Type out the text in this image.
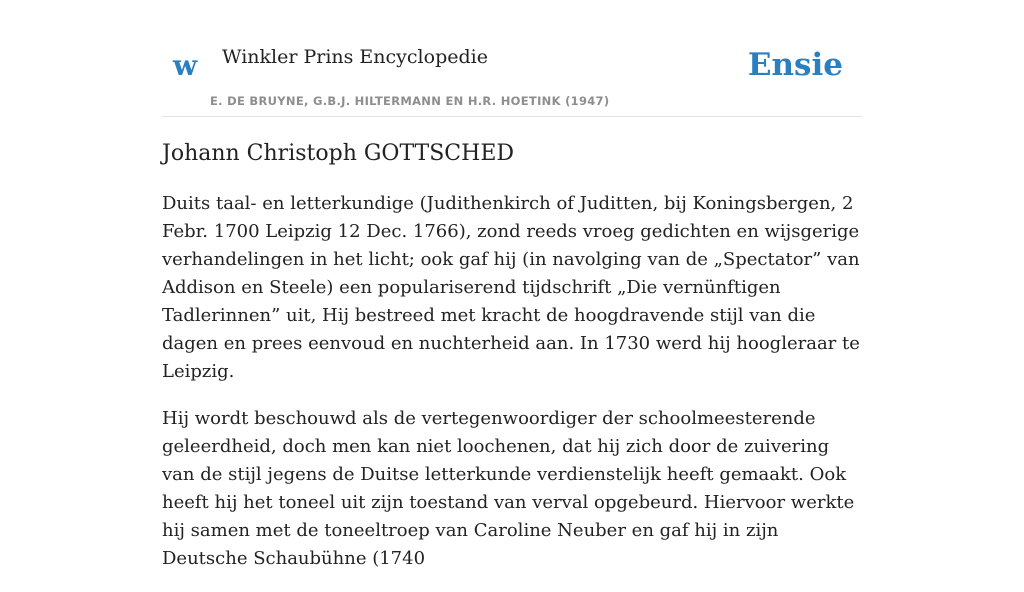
w Winkler Prins Encyclopedie
E. DE BRUYNE, G.B.J. HILTERMANN EN H.R. HOETINK (1947)
Ensie
Johann Christoph GOTTSCHED

Duits taal- en letterkundige (Judithenkirch of Juditten, bij Koningsbergen, 2 Febr. 1700 Leipzig 12 Dec. 1766), zond reeds vroeg gedichten en wijsgerige verhandelingen in het licht; ook gaf hij (in navolging van de „Spectator” van Addison en Steele) een populariserend tijdschrift „Die vernünftigen Tadlerinnen” uit, Hij bestreed met kracht de hoogdravende stijl van die dagen en prees eenvoud en nuchterheid aan. In 1730 werd hij hoogleraar te Leipzig.

Hij wordt beschouwd als de vertegenwoordiger der schoolmeesterende geleerdheid, doch men kan niet loochenen, dat hij zich door de zuivering van de stijl jegens de Duitse letterkunde verdienstelijk heeft gemaakt. Ook heeft hij het toneel uit zijn toestand van verval opgebeurd. Hiervoor werkte hij samen met de toneeltroep van Caroline Neuber en gaf hij in zijn Deutsche Schaubühne (1740
